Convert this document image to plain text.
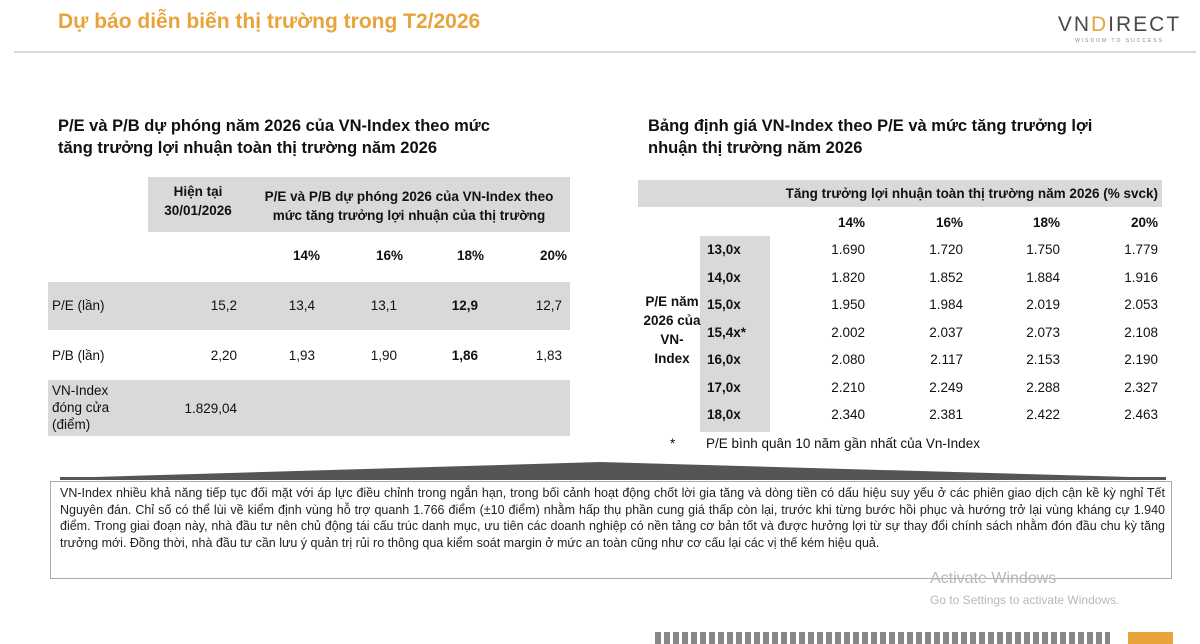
Dự báo diễn biến thị trường trong T2/2026	VNDIRECT
WISDOM TO SUCCESS
P/E và P/B dự phóng năm 2026 của VN-Index theo mức
tăng trưởng lợi nhuận toàn thị trường năm 2026
Hiện tại
30/01/2026
P/E và P/B dự phóng 2026 của VN-Index theo
mức tăng trưởng lợi nhuận của thị trường
14%	16%	18%	20%
P/E (lần)	15,2	13,4	13,1	12,9	12,7
P/B (lần)	2,20	1,93	1,90	1,86	1,83
VN-Index
đóng cửa
(điểm)
1.829,04
Bảng định giá VN-Index theo P/E và mức tăng trưởng lợi
nhuận thị trường năm 2026
Tăng trưởng lợi nhuận toàn thị trường năm 2026 (% svck)
14%	16%	18%	20%
P/E năm
2026 của
VN-
Index
13,0x	1.690	1.720	1.750	1.779
14,0x	1.820	1.852	1.884	1.916
15,0x	1.950	1.984	2.019	2.053
15,4x*	2.002	2.037	2.073	2.108
16,0x	2.080	2.117	2.153	2.190
17,0x	2.210	2.249	2.288	2.327
18,0x	2.340	2.381	2.422	2.463
* P/E bình quân 10 năm gần nhất của Vn-Index
VN-Index nhiều khả năng tiếp tục đối mặt với áp lực điều chỉnh trong ngắn hạn, trong bối cảnh hoạt động chốt lời gia tăng và dòng tiền có dấu hiệu suy yếu ở các phiên giao dịch cận kề kỳ nghỉ Tết Nguyên đán. Chỉ số có thể lùi về kiểm định vùng hỗ trợ quanh 1.766 điểm (±10 điểm) nhằm hấp thụ phần cung giá thấp còn lại, trước khi từng bước hồi phục và hướng trở lại vùng kháng cự 1.940 điểm. Trong giai đoạn này, nhà đầu tư nên chủ động tái cấu trúc danh mục, ưu tiên các doanh nghiệp có nền tảng cơ bản tốt và được hưởng lợi từ sự thay đổi chính sách nhằm đón đầu chu kỳ tăng trưởng mới. Đồng thời, nhà đầu tư cần lưu ý quản trị rủi ro thông qua kiểm soát margin ở mức an toàn cũng như cơ cấu lại các vị thế kém hiệu quả.
Activate Windows
Go to Settings to activate Windows.
